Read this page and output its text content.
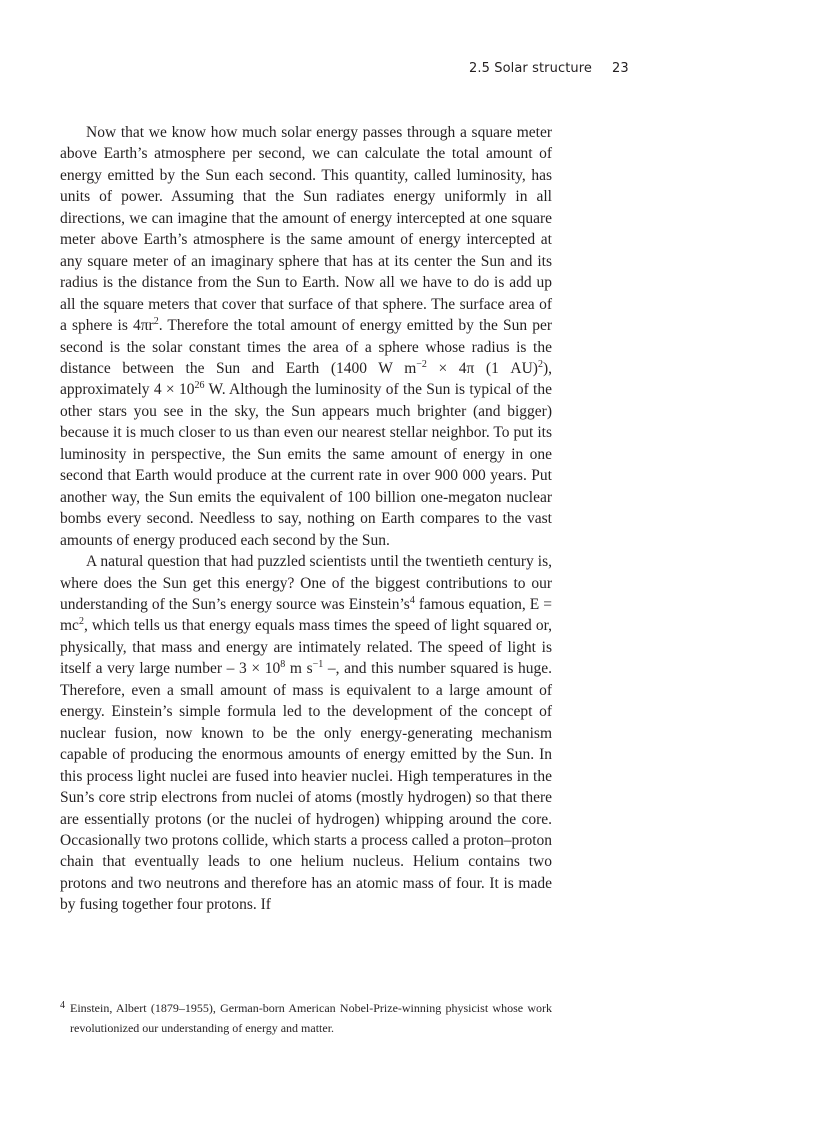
2.5 Solar structure 23

Now that we know how much solar energy passes through a square meter above Earth’s atmosphere per second, we can calculate the total amount of energy emitted by the Sun each second. This quantity, called luminosity, has units of power. Assuming that the Sun radiates energy uniformly in all directions, we can imagine that the amount of energy intercepted at one square meter above Earth’s atmosphere is the same amount of energy intercepted at any square meter of an imaginary sphere that has at its center the Sun and its radius is the distance from the Sun to Earth. Now all we have to do is add up all the square meters that cover that surface of that sphere. The surface area of a sphere is $4\pi r^2$. Therefore the total amount of energy emitted by the Sun per second is the solar constant times the area of a sphere whose radius is the distance between the Sun and Earth (1400 W $m^{-2} \times 4\pi$ (1 AU)$^2$), approximately $4 \times 10^{26}$ W. Although the luminosity of the Sun is typical of the other stars you see in the sky, the Sun appears much brighter (and bigger) because it is much closer to us than even our nearest stellar neighbor. To put its luminosity in perspective, the Sun emits the same amount of energy in one second that Earth would produce at the current rate in over 900 000 years. Put another way, the Sun emits the equivalent of 100 billion one-megaton nuclear bombs every second. Needless to say, nothing on Earth compares to the vast amounts of energy produced each second by the Sun.

A natural question that had puzzled scientists until the twentieth century is, where does the Sun get this energy? One of the biggest contributions to our understanding of the Sun’s energy source was $Einstein’s^4$ famous equation, $E = mc^2$, which tells us that energy equals mass times the speed of light squared or, physically, that mass and energy are intimately related. The speed of light is itself a very large number – $3 \times 10^8$ m $s^{-1}$ –, and this number squared is huge. Therefore, even a small amount of mass is equivalent to a large amount of energy. Einstein’s simple formula led to the development of the concept of nuclear fusion, now known to be the only energy-generating mechanism capable of producing the enormous amounts of energy emitted by the Sun. In this process light nuclei are fused into heavier nuclei. High temperatures in the Sun’s core strip electrons from nuclei of atoms (mostly hydrogen) so that there are essentially protons (or the nuclei of hydrogen) whipping around the core. Occasionally two protons collide, which starts a process called a proton–proton chain that eventually leads to one helium nucleus. Helium contains two protons and two neutrons and therefore has an atomic mass of four. It is made by fusing together four protons. If

4 Einstein, Albert (1879–1955), German-born American Nobel-Prize-winning physicist whose work revolutionized our understanding of energy and matter.
